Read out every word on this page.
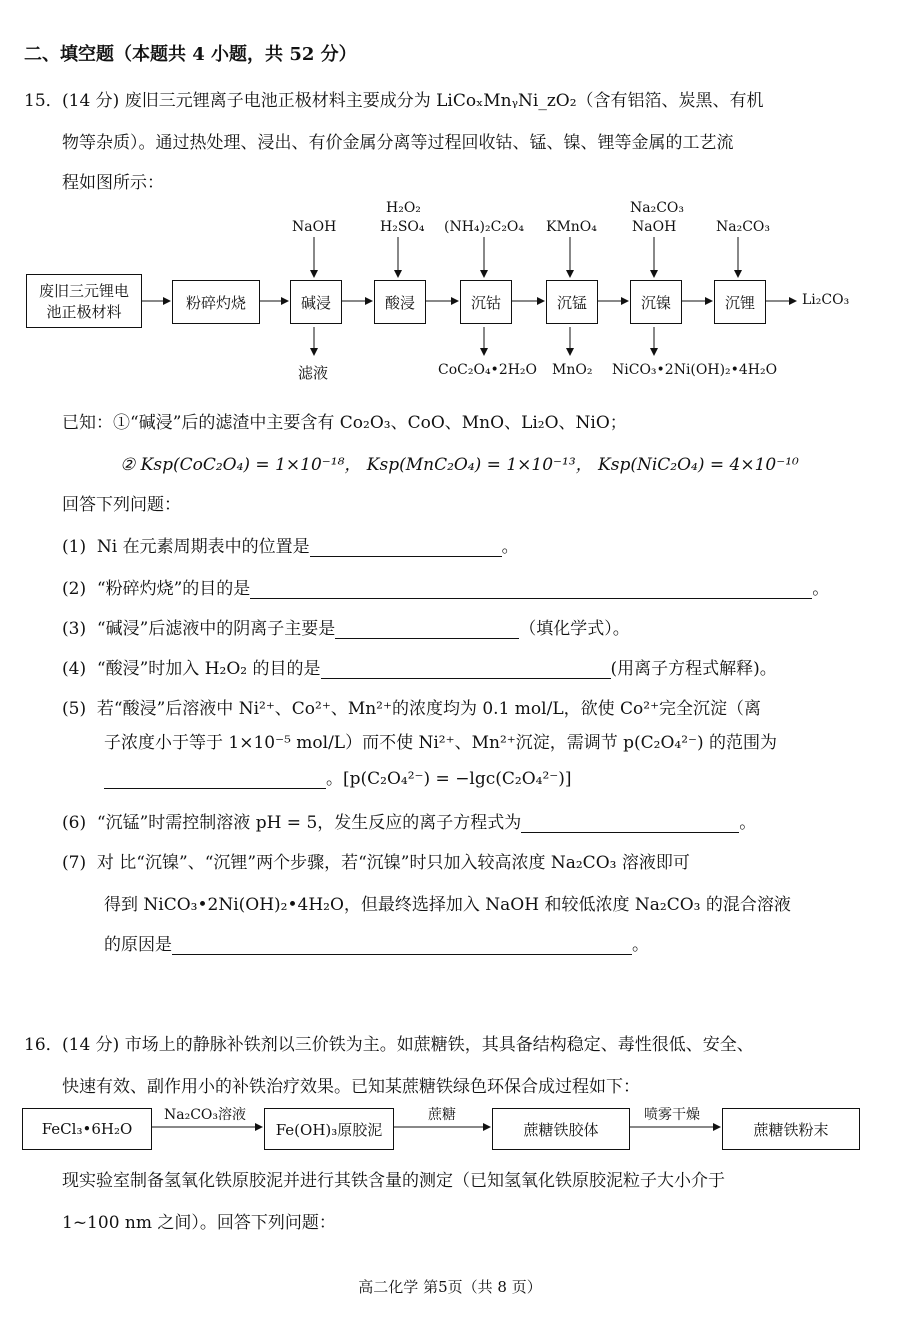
二、填空题（本题共 4 小题，共 52 分）
15． (14 分) 废旧三元锂离子电池正极材料主要成分为 LiCoₓMnᵧNi_zO₂（含有铝箔、炭黑、有机
物等杂质）。通过热处理、浸出、有价金属分离等过程回收钴、锰、镍、锂等金属的工艺流
程如图所示：
废旧三元锂电
池正极材料
粉碎灼烧	碱浸	酸浸	沉钴	沉锰	沉镍	沉锂
NaOH
H₂O₂
H₂SO₄ (NH₄)₂C₂O₄ KMnO₄
Na₂CO₃
NaOH	Na₂CO₃
滤液	CoC₂O₄•2H₂O MnO₂ NiCO₃•2Ni(OH)₂•4H₂O
Li₂CO₃
已知：①“碱浸”后的滤渣中主要含有 Co₂O₃、CoO、MnO、Li₂O、NiO；
② Ksp(CoC₂O₄) = 1×10⁻¹⁸， Ksp(MnC₂O₄) = 1×10⁻¹³， Ksp(NiC₂O₄) = 4×10⁻¹⁰
回答下列问题：
(1) Ni 在元素周期表中的位置是	。
(2) “粉碎灼烧”的目的是	。
(3) “碱浸”后滤液中的阴离子主要是	（填化学式）。
(4) “酸浸”时加入 H₂O₂ 的目的是	(用离子方程式解释)。
(5) 若“酸浸”后溶液中 Ni²⁺、Co²⁺、Mn²⁺的浓度均为 0.1 mol/L，欲使 Co²⁺完全沉淀（离
子浓度小于等于 1×10⁻⁵ mol/L）而不使 Ni²⁺、Mn²⁺沉淀，需调节 p(C₂O₄²⁻) 的范围为
。[p(C₂O₄²⁻) = −lgc(C₂O₄²⁻)]
(6) “沉锰”时需控制溶液 pH = 5，发生反应的离子方程式为	。
(7) 对 比“沉镍”、“沉锂”两个步骤，若“沉镍”时只加入较高浓度 Na₂CO₃ 溶液即可
得到 NiCO₃•2Ni(OH)₂•4H₂O，但最终选择加入 NaOH 和较低浓度 Na₂CO₃ 的混合溶液
的原因是	。
16． (14 分) 市场上的静脉补铁剂以三价铁为主。如蔗糖铁，其具备结构稳定、毒性很低、安全、
快速有效、副作用小的补铁治疗效果。已知某蔗糖铁绿色环保合成过程如下：
FeCl₃•6H₂O	Fe(OH)₃原胶泥	蔗糖铁胶体	蔗糖铁粉末
Na₂CO₃溶液	蔗糖	喷雾干燥
现实验室制备氢氧化铁原胶泥并进行其铁含量的测定（已知氢氧化铁原胶泥粒子大小介于
1~100 nm 之间）。回答下列问题：
高二化学 第5页（共 8 页）
